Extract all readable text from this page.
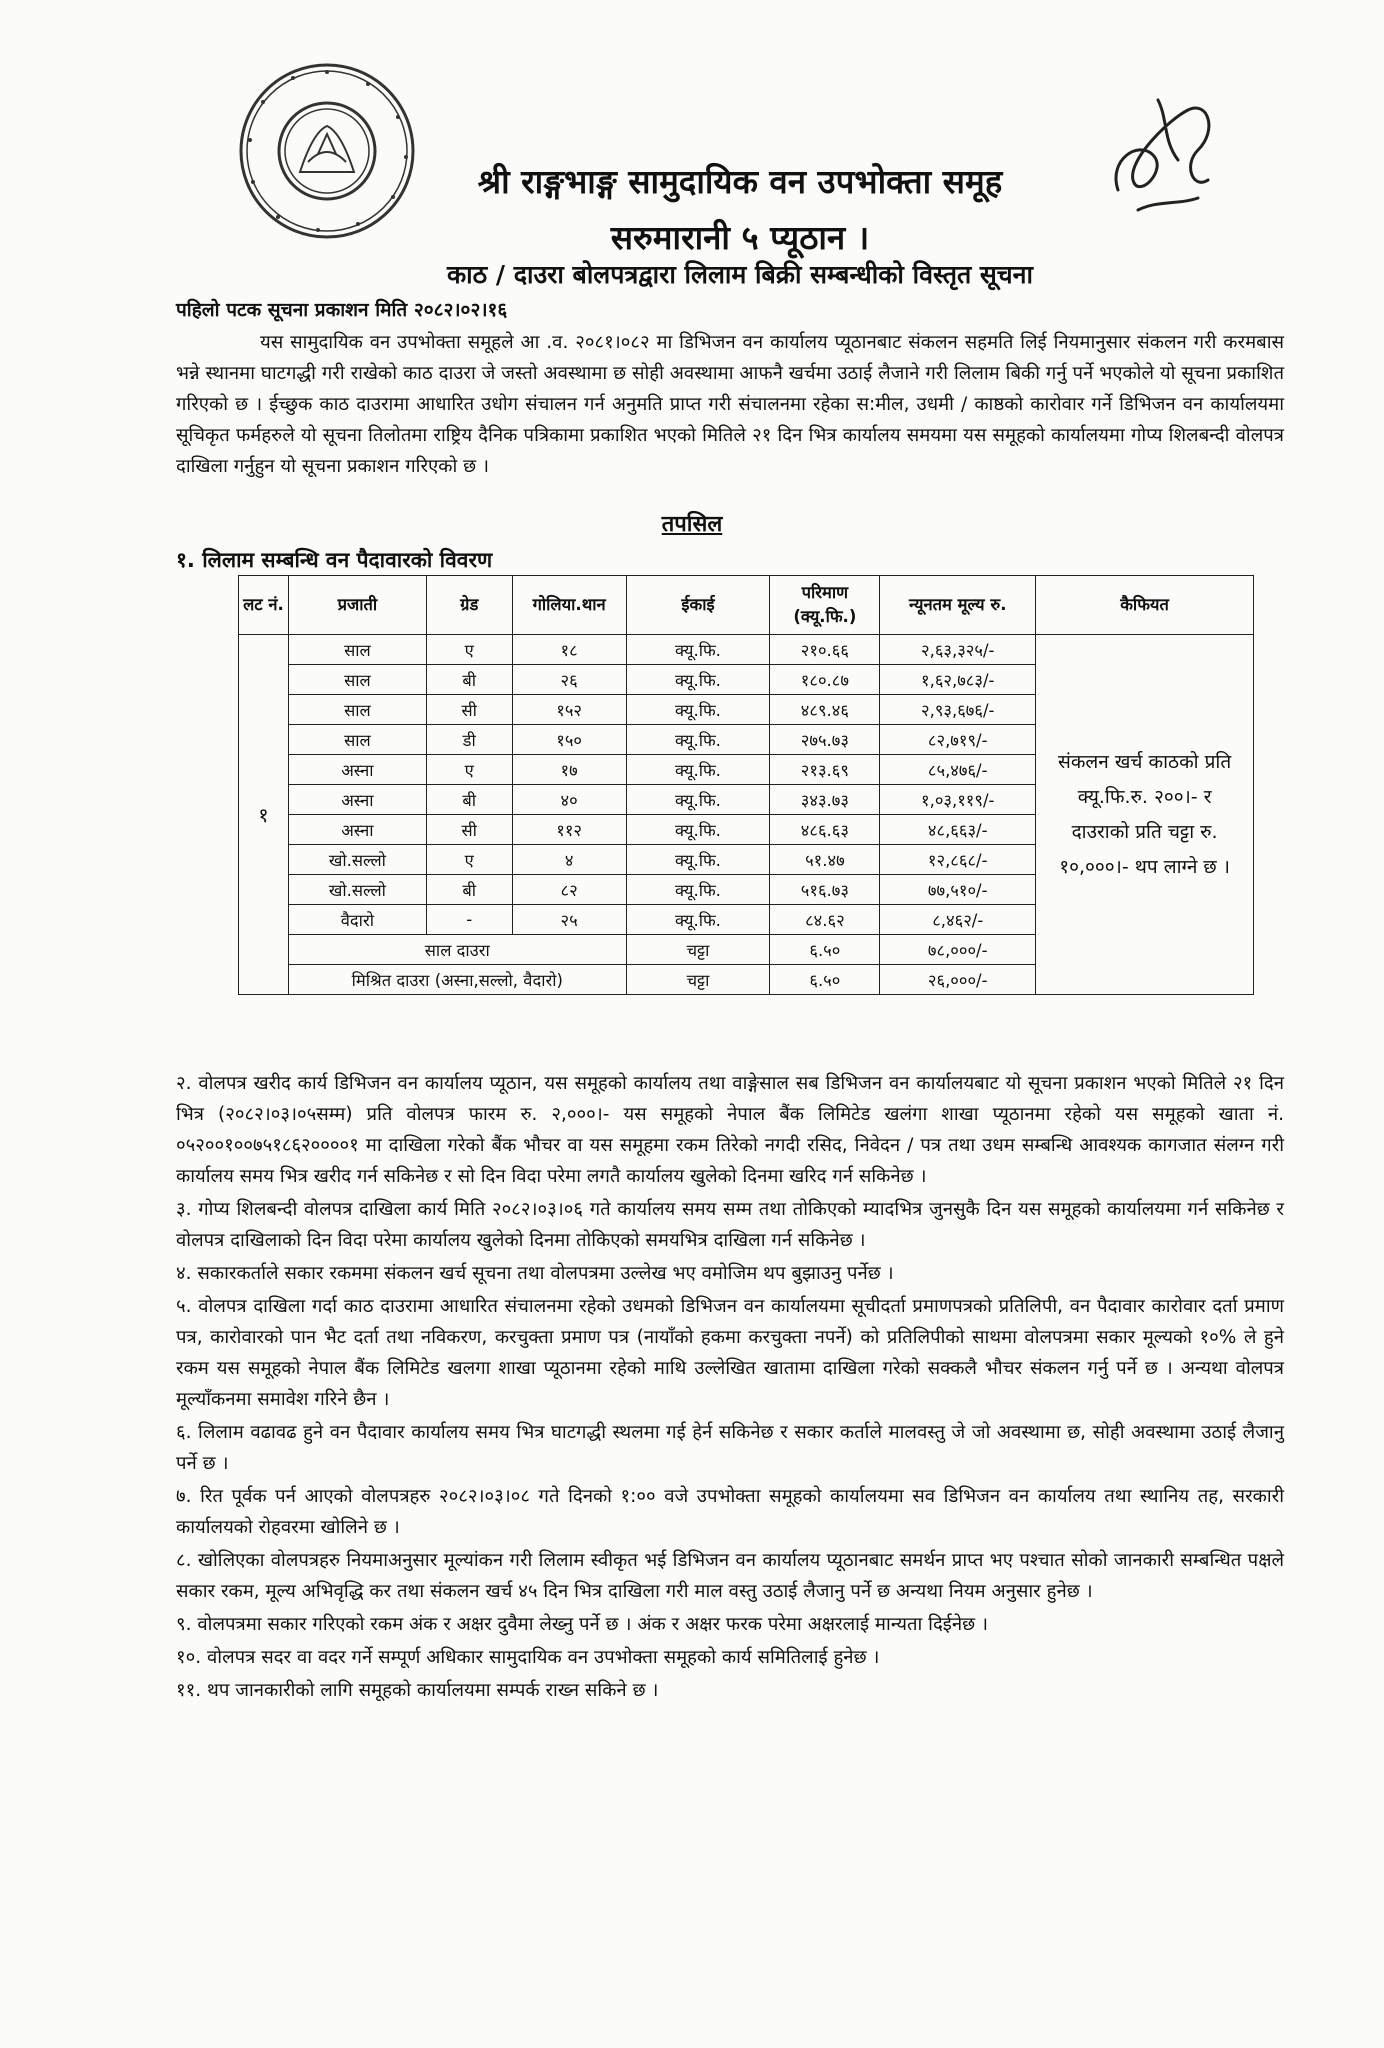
श्री राङ्गभाङ्ग सामुदायिक वन उपभोक्ता समूह
सरुमारानी ५ प्यूठान ।
काठ / दाउरा बोलपत्रद्वारा लिलाम बिक्री सम्बन्धीको विस्तृत सूचना
पहिलो पटक सूचना प्रकाशन मिति २०८२।०२।१६
यस सामुदायिक वन उपभोक्ता समूहले आ .व. २०८१।०८२ मा डिभिजन वन कार्यालय प्यूठानबाट संकलन सहमति लिई नियमानुसार संकलन गरी करमबास भन्ने स्थानमा घाटगद्धी गरी राखेको काठ दाउरा जे जस्तो अवस्थामा छ सोही अवस्थामा आफनै खर्चमा उठाई लैजाने गरी लिलाम बिकी गर्नु पर्ने भएकोले यो सूचना प्रकाशित गरिएको छ । ईच्छुक काठ दाउरामा आधारित उधोग संचालन गर्न अनुमति प्राप्त गरी संचालनमा रहेका स:मील, उधमी / काष्ठको कारोवार गर्ने डिभिजन वन कार्यालयमा सूचिकृत फर्महरुले यो सूचना तिलोतमा राष्ट्रिय दैनिक पत्रिकामा प्रकाशित भएको मितिले २१ दिन भित्र कार्यालय समयमा यस समूहको कार्यालयमा गोप्य शिलबन्दी वोलपत्र दाखिला गर्नुहुन यो सूचना प्रकाशन गरिएको छ ।
तपसिल
१. लिलाम सम्बन्धि वन पैदावारको विवरण
लट नं.	प्रजाती	ग्रेड	गोलिया.थान	ईकाई	परिमाण (क्यू.फि.)	न्यूनतम मूल्य रु.	कैफियत
१	साल	ए	१८	क्यू.फि.	२१०.६६	२,६३,३२५/-	संकलन खर्च काठको प्रति क्यू.फि.रु. २००।- र दाउराको प्रति चट्टा रु. १०,०००।- थप लाग्ने छ ।
	साल	बी	२६	क्यू.फि.	१८०.८७	१,६२,७८३/-	
	साल	सी	१५२	क्यू.फि.	४८९.४६	२,९३,६७६/-	
	साल	डी	१५०	क्यू.फि.	२७५.७३	८२,७१९/-	
	अस्ना	ए	१७	क्यू.फि.	२१३.६९	८५,४७६/-	
	अस्ना	बी	४०	क्यू.फि.	३४३.७३	१,०३,११९/-	
	अस्ना	सी	११२	क्यू.फि.	४८६.६३	४८,६६३/-	
	खो.सल्लो	ए	४	क्यू.फि.	५१.४७	१२,८६८/-	
	खो.सल्लो	बी	८२	क्यू.फि.	५१६.७३	७७,५१०/-	
	वैदारो	-	२५	क्यू.फि.	८४.६२	८,४६२/-	
	साल दाउरा			चट्टा	६.५०	७८,०००/-	
	मिश्रित दाउरा (अस्ना,सल्लो, वैदारो)			चट्टा	६.५०	२६,०००/-	

२. वोलपत्र खरीद कार्य डिभिजन वन कार्यालय प्यूठान, यस समूहको कार्यालय तथा वाङ्गेसाल सब डिभिजन वन कार्यालयबाट यो सूचना प्रकाशन भएको मितिले २१ दिन भित्र (२०८२।०३।०५सम्म) प्रति वोलपत्र फारम रु. २,०००।- यस समूहको नेपाल बैंक लिमिटेड खलंगा शाखा प्यूठानमा रहेको यस समूहको खाता नं. ०५२००१००७५१८६२००००१ मा दाखिला गरेको बैंक भौचर वा यस समूहमा रकम तिरेको नगदी रसिद, निवेदन / पत्र तथा उधम सम्बन्धि आवश्यक कागजात संलग्न गरी कार्यालय समय भित्र खरीद गर्न सकिनेछ र सो दिन विदा परेमा लगतै कार्यालय खुलेको दिनमा खरिद गर्न सकिनेछ ।

३. गोप्य शिलबन्दी वोलपत्र दाखिला कार्य मिति २०८२।०३।०६ गते कार्यालय समय सम्म तथा तोकिएको म्यादभित्र जुनसुकै दिन यस समूहको कार्यालयमा गर्न सकिनेछ र वोलपत्र दाखिलाको दिन विदा परेमा कार्यालय खुलेको दिनमा तोकिएको समयभित्र दाखिला गर्न सकिनेछ ।

४. सकारकर्ताले सकार रकममा संकलन खर्च सूचना तथा वोलपत्रमा उल्लेख भए वमोजिम थप बुझाउनु पर्नेछ ।

५. वोलपत्र दाखिला गर्दा काठ दाउरामा आधारित संचालनमा रहेको उधमको डिभिजन वन कार्यालयमा सूचीदर्ता प्रमाणपत्रको प्रतिलिपी, वन पैदावार कारोवार दर्ता प्रमाण पत्र, कारोवारको पान भैट दर्ता तथा नविकरण, करचुक्ता प्रमाण पत्र (नायाँको हकमा करचुक्ता नपर्ने) को प्रतिलिपीको साथमा वोलपत्रमा सकार मूल्यको १०% ले हुने रकम यस समूहको नेपाल बैंक लिमिटेड खलगा शाखा प्यूठानमा रहेको माथि उल्लेखित खातामा दाखिला गरेको सक्कलै भौचर संकलन गर्नु पर्ने छ । अन्यथा वोलपत्र मूल्याँकनमा समावेश गरिने छैन ।

६. लिलाम वढावढ हुने वन पैदावार कार्यालय समय भित्र घाटगद्धी स्थलमा गई हेर्न सकिनेछ र सकार कर्ताले मालवस्तु जे जो अवस्थामा छ, सोही अवस्थामा उठाई लैजानु पर्ने छ ।

७. रित पूर्वक पर्न आएको वोलपत्रहरु २०८२।०३।०८ गते दिनको १:०० वजे उपभोक्ता समूहको कार्यालयमा सव डिभिजन वन कार्यालय तथा स्थानिय तह, सरकारी कार्यालयको रोहवरमा खोलिने छ ।

८. खोलिएका वोलपत्रहरु नियमाअनुसार मूल्यांकन गरी लिलाम स्वीकृत भई डिभिजन वन कार्यालय प्यूठानबाट समर्थन प्राप्त भए पश्चात सोको जानकारी सम्बन्धित पक्षले सकार रकम, मूल्य अभिवृद्धि कर तथा संकलन खर्च ४५ दिन भित्र दाखिला गरी माल वस्तु उठाई लैजानु पर्ने छ अन्यथा नियम अनुसार हुनेछ ।

९. वोलपत्रमा सकार गरिएको रकम अंक र अक्षर दुवैमा लेख्नु पर्ने छ । अंक र अक्षर फरक परेमा अक्षरलाई मान्यता दिईनेछ ।

१०. वोलपत्र सदर वा वदर गर्ने सम्पूर्ण अधिकार सामुदायिक वन उपभोक्ता समूहको कार्य समितिलाई हुनेछ ।

११. थप जानकारीको लागि समूहको कार्यालयमा सम्पर्क राख्न सकिने छ ।
